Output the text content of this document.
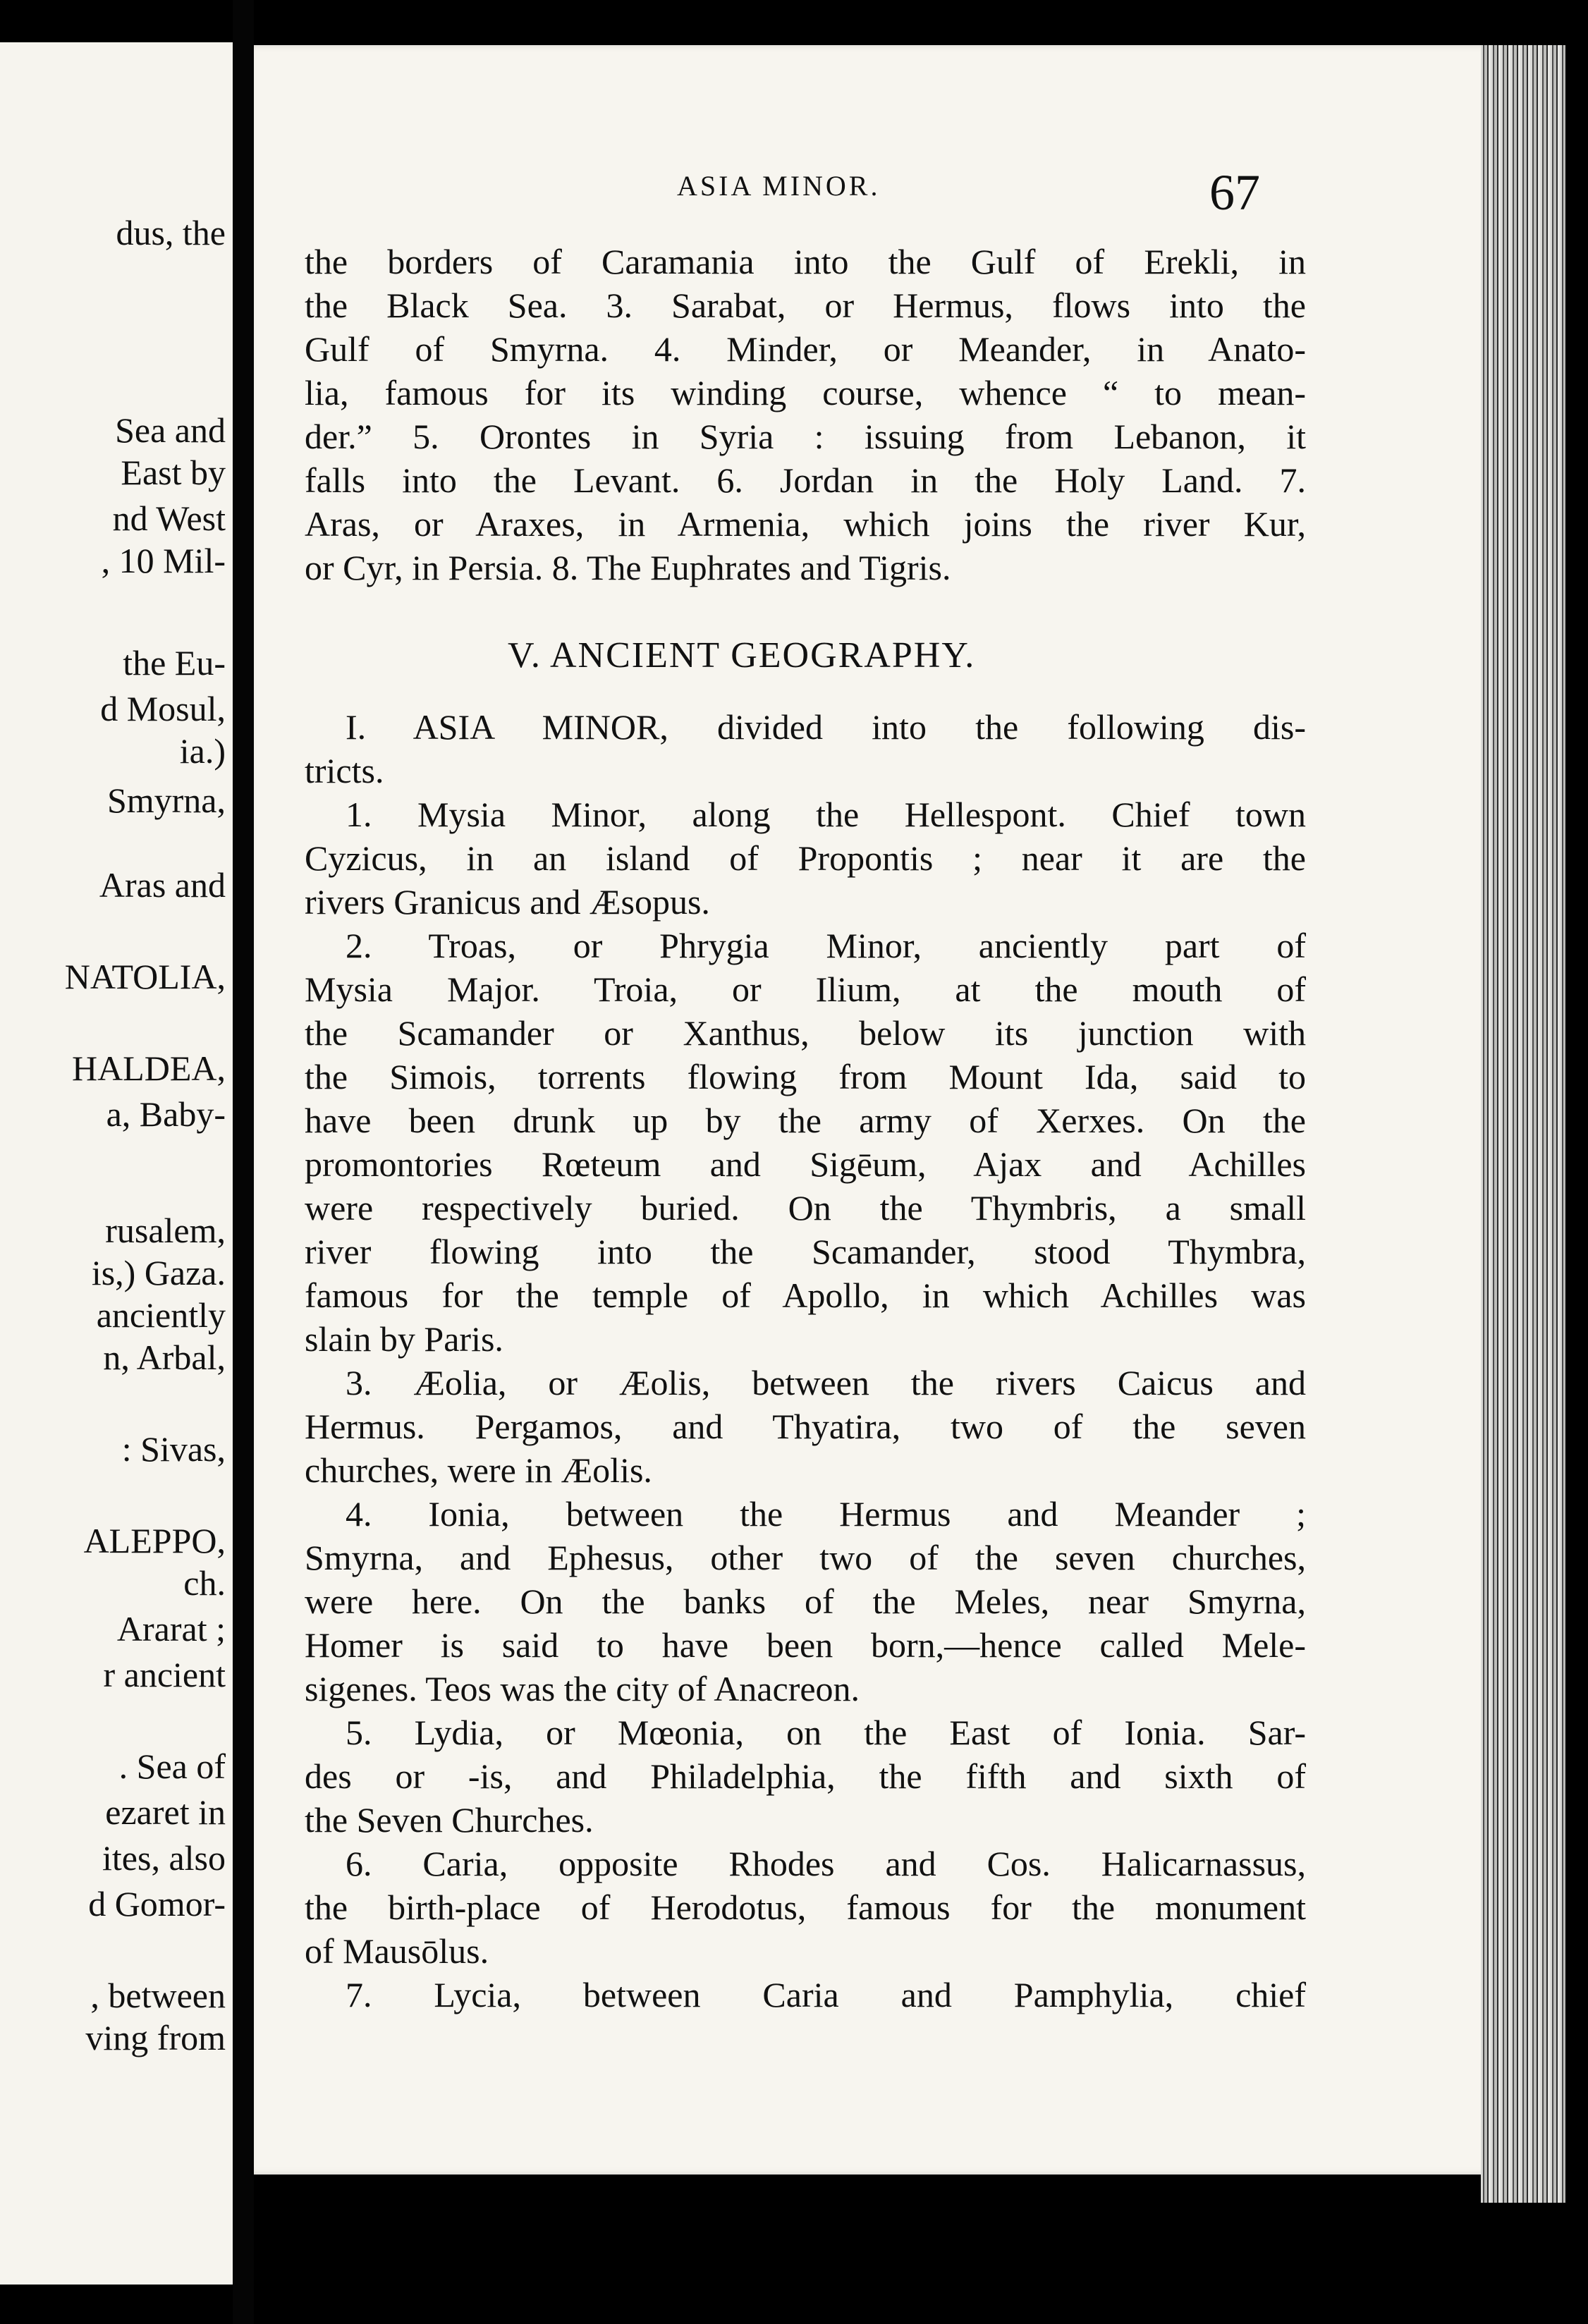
dus, the
Sea and
East by
nd West
, 10 Mil-
the Eu-
d Mosul,
ia.)
Smyrna,
Aras and
NATOLIA,
HALDEA,
a, Baby-
rusalem,
is,) Gaza.
anciently
n, Arbal,
: Sivas,
ALEPPO,
ch.
Ararat ;
r ancient
. Sea of
ezaret in
ites, also
d Gomor-
, between
ving from
ASIA MINOR.	67
the borders of Caramania into the Gulf of Erekli, in
the Black Sea. 3. Sarabat, or Hermus, flows into the
Gulf of Smyrna. 4. Minder, or Meander, in Anato-
lia, famous for its winding course, whence “ to mean-
der.” 5. Orontes in Syria : issuing from Lebanon, it
falls into the Levant. 6. Jordan in the Holy Land. 7.
Aras, or Araxes, in Armenia, which joins the river Kur,
or Cyr, in Persia. 8. The Euphrates and Tigris.
V. ANCIENT GEOGRAPHY.
I. ASIA MINOR, divided into the following dis-
tricts.
1. Mysia Minor, along the Hellespont. Chief town
Cyzicus, in an island of Propontis ; near it are the
rivers Granicus and Æsopus.
2. Troas, or Phrygia Minor, anciently part of
Mysia Major. Troia, or Ilium, at the mouth of
the Scamander or Xanthus, below its junction with
the Simois, torrents flowing from Mount Ida, said to
have been drunk up by the army of Xerxes. On the
promontories Rœteum and Sigēum, Ajax and Achilles
were respectively buried. On the Thymbris, a small
river flowing into the Scamander, stood Thymbra,
famous for the temple of Apollo, in which Achilles was
slain by Paris.
3. Æolia, or Æolis, between the rivers Caicus and
Hermus. Pergamos, and Thyatira, two of the seven
churches, were in Æolis.
4. Ionia, between the Hermus and Meander ;
Smyrna, and Ephesus, other two of the seven churches,
were here. On the banks of the Meles, near Smyrna,
Homer is said to have been born,—hence called Mele-
sigenes. Teos was the city of Anacreon.
5. Lydia, or Mœonia, on the East of Ionia. Sar-
des or -is, and Philadelphia, the fifth and sixth of
the Seven Churches.
6. Caria, opposite Rhodes and Cos. Halicarnassus,
the birth-place of Herodotus, famous for the monument
of Mausōlus.
7. Lycia, between Caria and Pamphylia, chief
